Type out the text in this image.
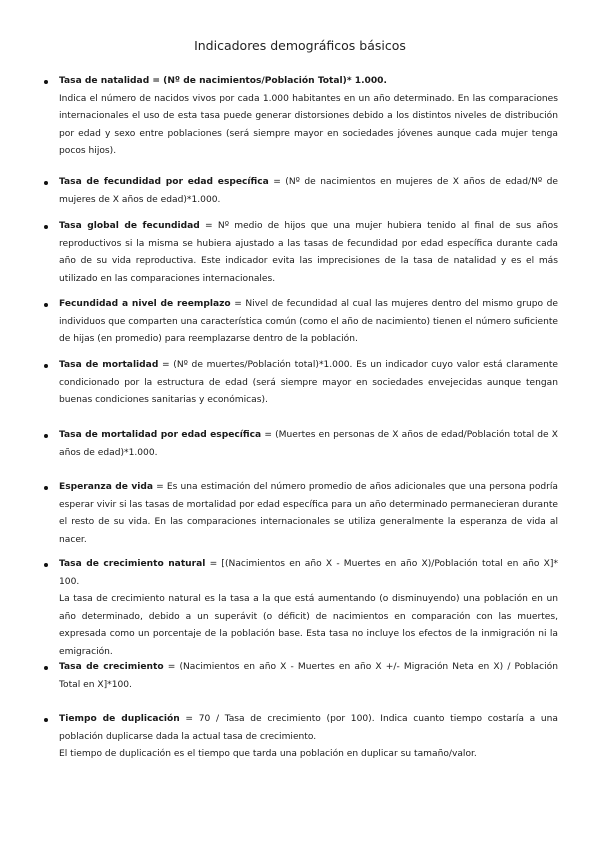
Indicadores demográficos básicos

Tasa de natalidad = (Nº de nacimientos/Población Total)* 1.000.

Indica el número de nacidos vivos por cada 1.000 habitantes en un año determinado. En las comparaciones internacionales el uso de esta tasa puede generar distorsiones debido a los distintos niveles de distribución por edad y sexo entre poblaciones (será siempre mayor en sociedades jóvenes aunque cada mujer tenga pocos hijos).

Tasa de fecundidad por edad específica = (Nº de nacimientos en mujeres de X años de edad/Nº de mujeres de X años de edad)*1.000.

Tasa global de fecundidad = Nº medio de hijos que una mujer hubiera tenido al final de sus años reproductivos si la misma se hubiera ajustado a las tasas de fecundidad por edad específica durante cada año de su vida reproductiva. Este indicador evita las imprecisiones de la tasa de natalidad y es el más utilizado en las comparaciones internacionales.

Fecundidad a nivel de reemplazo = Nivel de fecundidad al cual las mujeres dentro del mismo grupo de individuos que comparten una característica común (como el año de nacimiento) tienen el número suficiente de hijas (en promedio) para reemplazarse dentro de la población.

Tasa de mortalidad = (Nº de muertes/Población total)*1.000. Es un indicador cuyo valor está claramente condicionado por la estructura de edad (será siempre mayor en sociedades envejecidas aunque tengan buenas condiciones sanitarias y económicas).

Tasa de mortalidad por edad específica = (Muertes en personas de X años de edad/Población total de X años de edad)*1.000.

Esperanza de vida = Es una estimación del número promedio de años adicionales que una persona podría esperar vivir si las tasas de mortalidad por edad específica para un año determinado permanecieran durante el resto de su vida. En las comparaciones internacionales se utiliza generalmente la esperanza de vida al nacer.

Tasa de crecimiento natural = [(Nacimientos en año X - Muertes en año X)/Población total en año X]* 100.

La tasa de crecimiento natural es la tasa a la que está aumentando (o disminuyendo) una población en un año determinado, debido a un superávit (o déficit) de nacimientos en comparación con las muertes, expresada como un porcentaje de la población base. Esta tasa no incluye los efectos de la inmigración ni la emigración.

Tasa de crecimiento = (Nacimientos en año X - Muertes en año X +/- Migración Neta en X) / Población Total en X]*100.

Tiempo de duplicación = 70 / Tasa de crecimiento (por 100). Indica cuanto tiempo costaría a una población duplicarse dada la actual tasa de crecimiento.

El tiempo de duplicación es el tiempo que tarda una población en duplicar su tamaño/valor.
